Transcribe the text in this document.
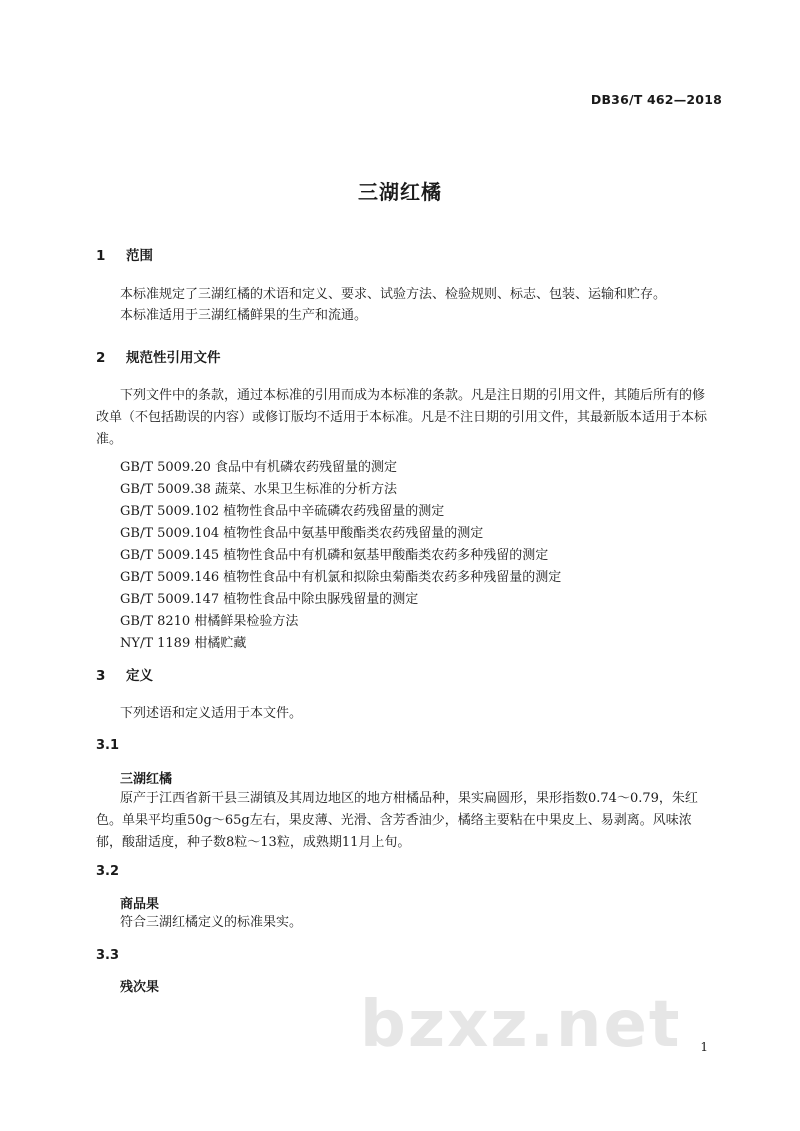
DB36/T 462—2018
三湖红橘
1 范围
本标准规定了三湖红橘的术语和定义、要求、试验方法、检验规则、标志、包装、运输和贮存。
本标准适用于三湖红橘鲜果的生产和流通。
2 规范性引用文件
下列文件中的条款，通过本标准的引用而成为本标准的条款。凡是注日期的引用文件，其随后所有的修改单（不包括勘误的内容）或修订版均不适用于本标准。凡是不注日期的引用文件，其最新版本适用于本标准。
GB/T 5009.20 食品中有机磷农药残留量的测定
GB/T 5009.38 蔬菜、水果卫生标准的分析方法
GB/T 5009.102 植物性食品中辛硫磷农药残留量的测定
GB/T 5009.104 植物性食品中氨基甲酸酯类农药残留量的测定
GB/T 5009.145 植物性食品中有机磷和氨基甲酸酯类农药多种残留的测定
GB/T 5009.146 植物性食品中有机氯和拟除虫菊酯类农药多种残留量的测定
GB/T 5009.147 植物性食品中除虫脲残留量的测定
GB/T 8210 柑橘鲜果检验方法
NY/T 1189 柑橘贮藏
3 定义
下列述语和定义适用于本文件。
3.1
三湖红橘
原产于江西省新干县三湖镇及其周边地区的地方柑橘品种，果实扁圆形，果形指数0.74～0.79，朱红色。单果平均重50g～65g左右，果皮薄、光滑、含芳香油少，橘络主要粘在中果皮上、易剥离。风味浓郁，酸甜适度，种子数8粒～13粒，成熟期11月上旬。
3.2
商品果
符合三湖红橘定义的标准果实。
3.3
残次果
bzxz.net 1
